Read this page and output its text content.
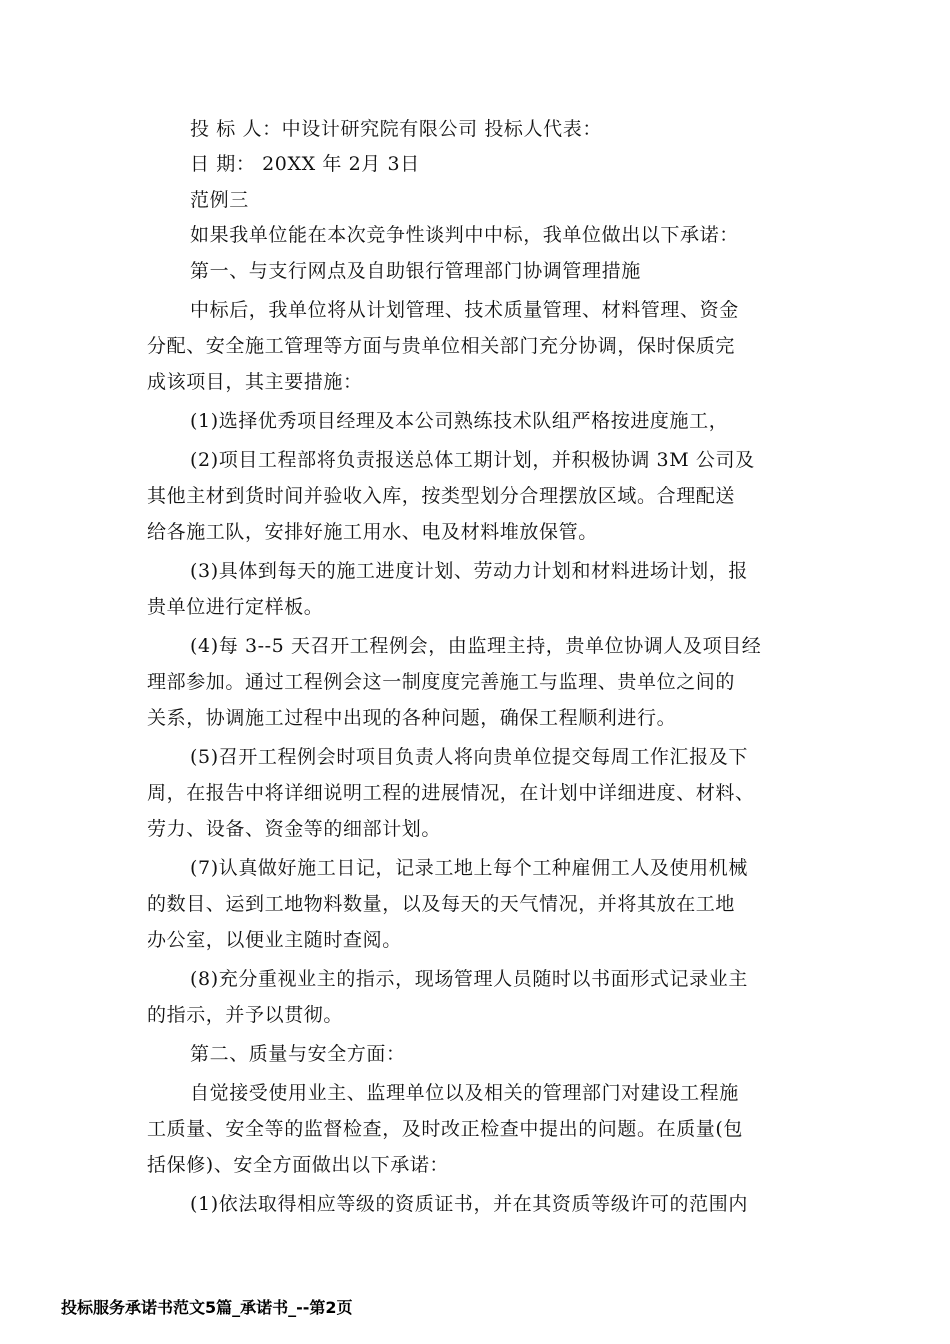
投 标 人：中设计研究院有限公司 投标人代表：
日 期： 20XX 年 2月 3日
范例三
如果我单位能在本次竞争性谈判中中标，我单位做出以下承诺：
第一、与支行网点及自助银行管理部门协调管理措施
中标后，我单位将从计划管理、技术质量管理、材料管理、资金
分配、安全施工管理等方面与贵单位相关部门充分协调，保时保质完
成该项目，其主要措施：
(1)选择优秀项目经理及本公司熟练技术队组严格按进度施工，
(2)项目工程部将负责报送总体工期计划，并积极协调 3M 公司及
其他主材到货时间并验收入库，按类型划分合理摆放区域。合理配送
给各施工队，安排好施工用水、电及材料堆放保管。
(3)具体到每天的施工进度计划、劳动力计划和材料进场计划，报
贵单位进行定样板。
(4)每 3--5 天召开工程例会，由监理主持，贵单位协调人及项目经
理部参加。通过工程例会这一制度度完善施工与监理、贵单位之间的
关系，协调施工过程中出现的各种问题，确保工程顺利进行。
(5)召开工程例会时项目负责人将向贵单位提交每周工作汇报及下
周，在报告中将详细说明工程的进展情况，在计划中详细进度、材料、
劳力、设备、资金等的细部计划。
(7)认真做好施工日记，记录工地上每个工种雇佣工人及使用机械
的数目、运到工地物料数量，以及每天的天气情况，并将其放在工地
办公室，以便业主随时查阅。
(8)充分重视业主的指示，现场管理人员随时以书面形式记录业主
的指示，并予以贯彻。
第二、质量与安全方面：
自觉接受使用业主、监理单位以及相关的管理部门对建设工程施
工质量、安全等的监督检查，及时改正检查中提出的问题。在质量(包
括保修)、安全方面做出以下承诺：
(1)依法取得相应等级的资质证书，并在其资质等级许可的范围内
投标服务承诺书范文5篇_承诺书_--第2页
